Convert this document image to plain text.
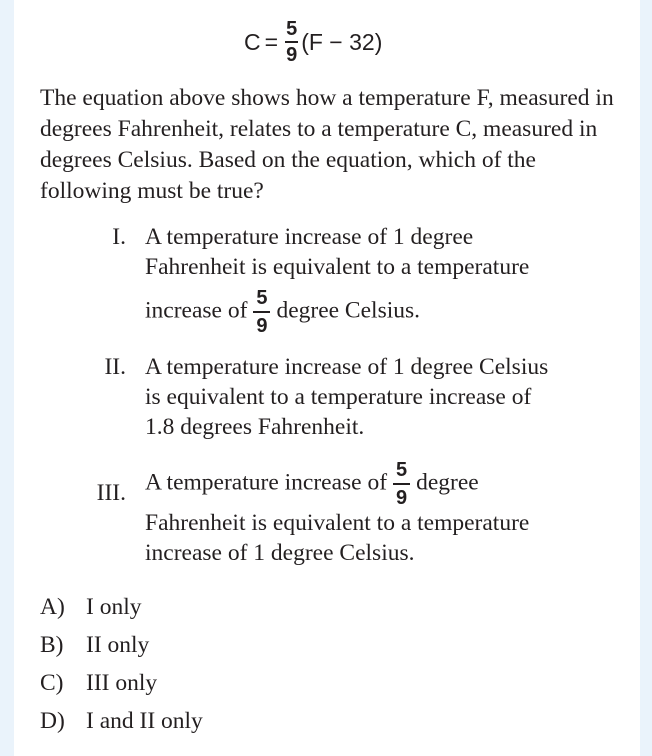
$C = \frac{5}{9} (F - 32)$

The equation above shows how a temperature F, measured in degrees Fahrenheit, relates to a temperature C, measured in degrees Celsius. Based on the equation, which of the following must be true?

I. A temperature increase of 1 degree
Fahrenheit is equivalent to a temperature
increase of $\frac{5}{9}$ degree Celsius.
II. A temperature increase of 1 degree Celsius
is equivalent to a temperature increase of
1.8 degrees Fahrenheit.
III. A temperature increase of $\frac{5}{9}$ degree
Fahrenheit is equivalent to a temperature
increase of 1 degree Celsius.
A) I only
B) II only
C) III only
D) I and II only
